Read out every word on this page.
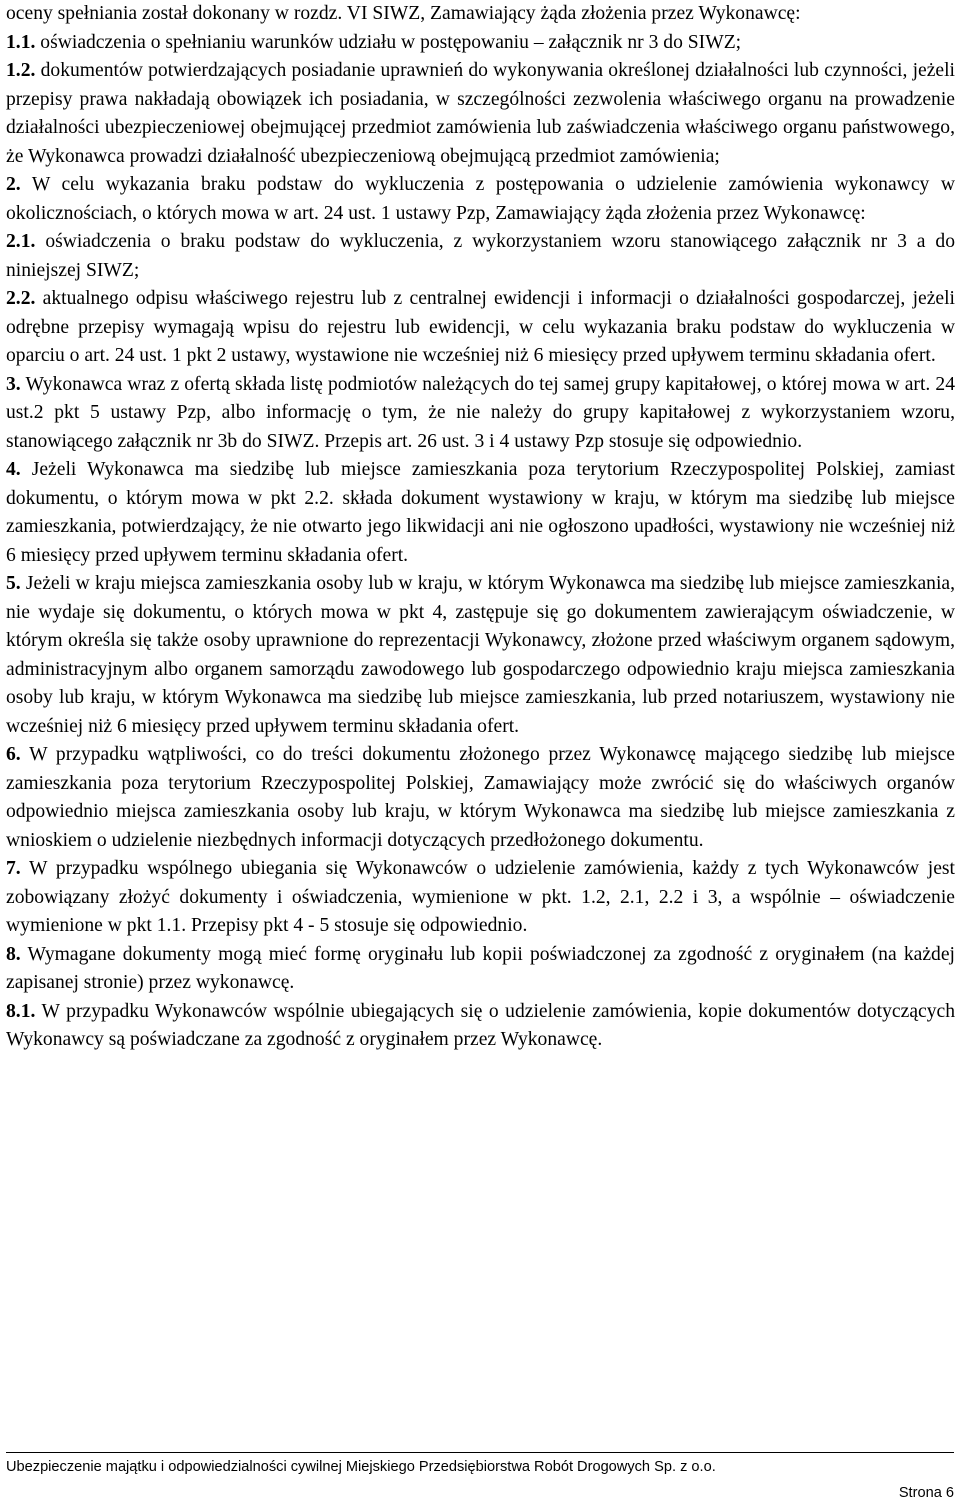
oceny spełniania został dokonany w rozdz. VI SIWZ, Zamawiający żąda złożenia przez Wykonawcę:

1.1. oświadczenia o spełnianiu warunków udziału w postępowaniu – załącznik nr 3 do SIWZ;

1.2. dokumentów potwierdzających posiadanie uprawnień do wykonywania określonej działalności lub czynności, jeżeli przepisy prawa nakładają obowiązek ich posiadania, w szczególności zezwolenia właściwego organu na prowadzenie działalności ubezpieczeniowej obejmującej przedmiot zamówienia lub zaświadczenia właściwego organu państwowego, że Wykonawca prowadzi działalność ubezpieczeniową obejmującą przedmiot zamówienia;

2. W celu wykazania braku podstaw do wykluczenia z postępowania o udzielenie zamówienia wykonawcy w okolicznościach, o których mowa w art. 24 ust. 1 ustawy Pzp, Zamawiający żąda złożenia przez Wykonawcę:

2.1. oświadczenia o braku podstaw do wykluczenia, z wykorzystaniem wzoru stanowiącego załącznik nr 3 a do niniejszej SIWZ;

2.2. aktualnego odpisu właściwego rejestru lub z centralnej ewidencji i informacji o działalności gospodarczej, jeżeli odrębne przepisy wymagają wpisu do rejestru lub ewidencji, w celu wykazania braku podstaw do wykluczenia w oparciu o art. 24 ust. 1 pkt 2 ustawy, wystawione nie wcześniej niż 6 miesięcy przed upływem terminu składania ofert.

3. Wykonawca wraz z ofertą składa listę podmiotów należących do tej samej grupy kapitałowej, o której mowa w art. 24 ust.2 pkt 5 ustawy Pzp, albo informację o tym, że nie należy do grupy kapitałowej z wykorzystaniem wzoru, stanowiącego załącznik nr 3b do SIWZ. Przepis art. 26 ust. 3 i 4 ustawy Pzp stosuje się odpowiednio.

4. Jeżeli Wykonawca ma siedzibę lub miejsce zamieszkania poza terytorium Rzeczypospolitej Polskiej, zamiast dokumentu, o którym mowa w pkt 2.2. składa dokument wystawiony w kraju, w którym ma siedzibę lub miejsce zamieszkania, potwierdzający, że nie otwarto jego likwidacji ani nie ogłoszono upadłości, wystawiony nie wcześniej niż 6 miesięcy przed upływem terminu składania ofert.

5. Jeżeli w kraju miejsca zamieszkania osoby lub w kraju, w którym Wykonawca ma siedzibę lub miejsce zamieszkania, nie wydaje się dokumentu, o których mowa w pkt 4, zastępuje się go dokumentem zawierającym oświadczenie, w którym określa się także osoby uprawnione do reprezentacji Wykonawcy, złożone przed właściwym organem sądowym, administracyjnym albo organem samorządu zawodowego lub gospodarczego odpowiednio kraju miejsca zamieszkania osoby lub kraju, w którym Wykonawca ma siedzibę lub miejsce zamieszkania, lub przed notariuszem, wystawiony nie wcześniej niż 6 miesięcy przed upływem terminu składania ofert.

6. W przypadku wątpliwości, co do treści dokumentu złożonego przez Wykonawcę mającego siedzibę lub miejsce zamieszkania poza terytorium Rzeczypospolitej Polskiej, Zamawiający może zwrócić się do właściwych organów odpowiednio miejsca zamieszkania osoby lub kraju, w którym Wykonawca ma siedzibę lub miejsce zamieszkania z wnioskiem o udzielenie niezbędnych informacji dotyczących przedłożonego dokumentu.

7. W przypadku wspólnego ubiegania się Wykonawców o udzielenie zamówienia, każdy z tych Wykonawców jest zobowiązany złożyć dokumenty i oświadczenia, wymienione w pkt. 1.2, 2.1, 2.2 i 3, a wspólnie – oświadczenie wymienione w pkt 1.1. Przepisy pkt 4 - 5 stosuje się odpowiednio.

8. Wymagane dokumenty mogą mieć formę oryginału lub kopii poświadczonej za zgodność z oryginałem (na każdej zapisanej stronie) przez wykonawcę.

8.1. W przypadku Wykonawców wspólnie ubiegających się o udzielenie zamówienia, kopie dokumentów dotyczących Wykonawcy są poświadczane za zgodność z oryginałem przez Wykonawcę.

Ubezpieczenie majątku i odpowiedzialności cywilnej Miejskiego Przedsiębiorstwa Robót Drogowych Sp. z o.o.
Strona 6
